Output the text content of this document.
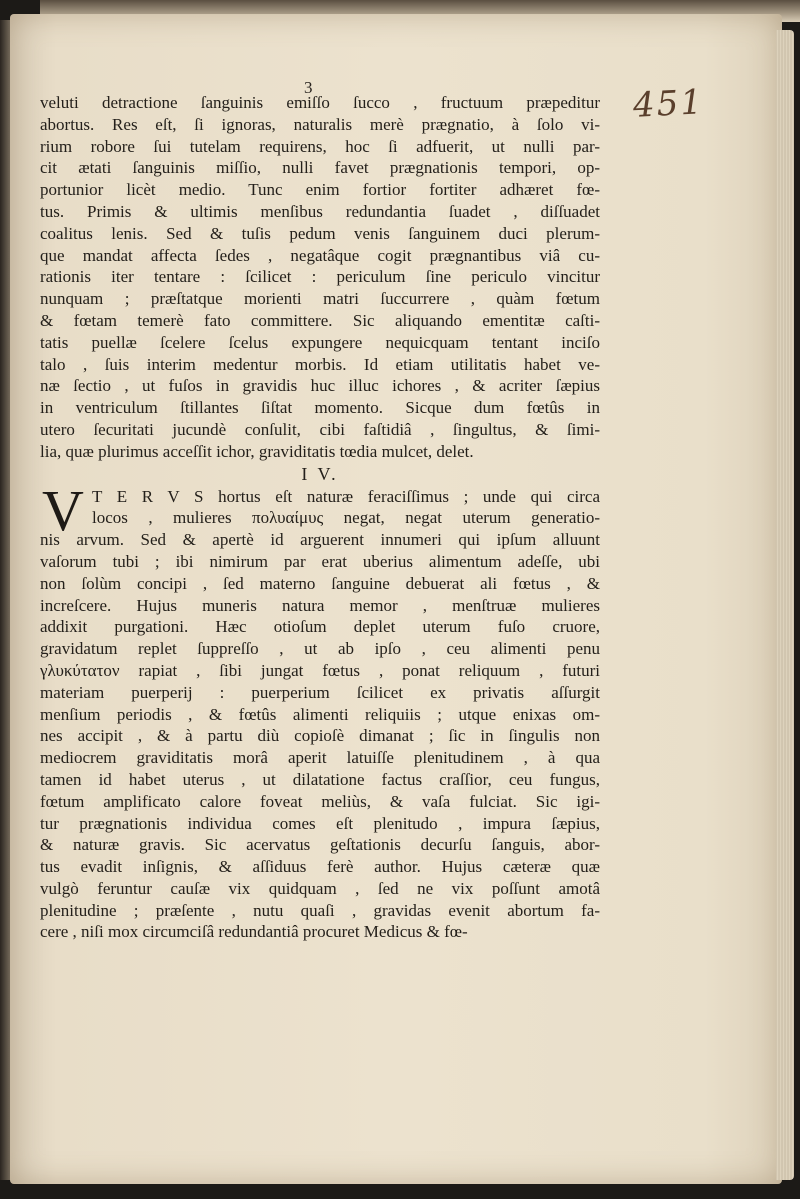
451
3
veluti detractione ſanguinis emiſſo ſucco , fructuum præpeditur
abortus. Res eſt, ſi ignoras, naturalis merè prægnatio, à ſolo vi-
rium robore ſui tutelam requirens, hoc ſi adfuerit, ut nulli par-
cit ætati ſanguinis miſſio, nulli favet prægnationis tempori, op-
portunior licèt medio. Tunc enim fortior fortiter adhæret fœ-
tus. Primis & ultimis menſibus redundantia ſuadet , diſſuadet
coalitus lenis. Sed & tuſis pedum venis ſanguinem duci plerum-
que mandat affecta ſedes , negatâque cogit prægnantibus viâ cu-
rationis iter tentare : ſcilicet : periculum ſine periculo vincitur
nunquam ; præſtatque morienti matri ſuccurrere , quàm fœtum
& fœtam temerè fato committere. Sic aliquando ementitæ caſti-
tatis puellæ ſcelere ſcelus expungere nequicquam tentant inciſo
talo , ſuis interim medentur morbis. Id etiam utilitatis habet ve-
næ ſectio , ut fuſos in gravidis huc illuc ichores , & acriter ſæpius
in ventriculum ſtillantes ſiſtat momento. Sicque dum fœtûs in
utero ſecuritati jucundè conſulit, cibi faſtidiâ , ſingultus, & ſimi-
lia, quæ plurimus acceſſit ichor, graviditatis tœdia mulcet, delet.
I V.
V T E R V S hortus eſt naturæ feraciſſimus ; unde qui circa
locos , mulieres πολυαίμυς negat, negat uterum generatio-
nis arvum. Sed & apertè id arguerent innumeri qui ipſum alluunt
vaſorum tubi ; ibi nimirum par erat uberius alimentum adeſſe, ubi
non ſolùm concipi , ſed materno ſanguine debuerat ali fœtus , &
increſcere. Hujus muneris natura memor , menſtruæ mulieres
addixit purgationi. Hæc otioſum deplet uterum fuſo cruore,
gravidatum replet ſuppreſſo , ut ab ipſo , ceu alimenti penu
γλυκύτατον rapiat , ſibi jungat fœtus , ponat reliquum , futuri
materiam puerperij : puerperium ſcilicet ex privatis aſſurgit
menſium periodis , & fœtûs alimenti reliquiis ; utque enixas om-
nes accipit , & à partu diù copioſè dimanat ; ſic in ſingulis non
mediocrem graviditatis morâ aperit latuiſſe plenitudinem , à qua
tamen id habet uterus , ut dilatatione factus craſſior, ceu fungus,
fœtum amplificato calore foveat meliùs, & vaſa fulciat. Sic igi-
tur prægnationis individua comes eſt plenitudo , impura ſæpius,
& naturæ gravis. Sic acervatus geſtationis decurſu ſanguis, abor-
tus evadit inſignis, & aſſiduus ferè author. Hujus cæteræ quæ
vulgò feruntur cauſæ vix quidquam , ſed ne vix poſſunt amotâ
plenitudine ; præſente , nutu quaſi , gravidas evenit abortum fa-
cere , niſi mox circumciſâ redundantiâ procuret Medicus & fœ-
